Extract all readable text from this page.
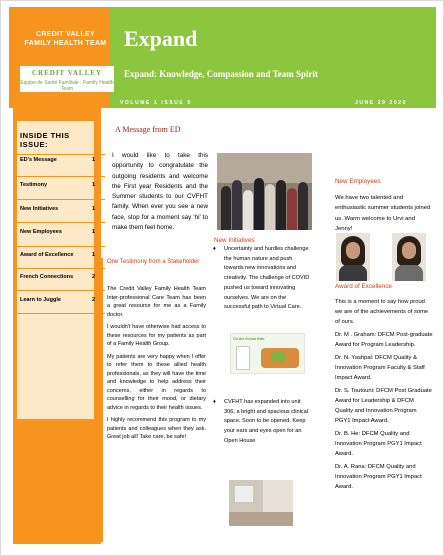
CREDIT VALLEY
FAMILY HEALTH TEAM
CREDIT VALLEY
Équipe de Santé Familiale · Family Health Team
Expand
Expand: Knowledge, Compassion and Team Spirit
VOLUME 1 ISSUE 9	JUNE 29 2020
INSIDE THIS
ISSUE:
ED's Message	1
Testimony	1
New Initiatives	1
New Employees	1
Award of Excellence	1
French Connections	2
Learn to Juggle	2
A Message from ED
I would like to take this opportunity to congratulate the outgoing residents and welcome the First year Residents and the Summer students to our CVFHT family. When ever you see a new face, stop for a moment say 'hi' to make them feel home.
One Testimony from a Stakeholder

The Credit Valley Family Health Team Inter-professional Care Team has been a great resource for me as a Family doctor.

I wouldn't have otherwise had access to these resources for my patients as part of a Family Health Group.

My patients are very happy when I offer to refer them to these allied health professionals, as they will have the time and knowledge to help address their concerns, either in regards to counselling for their mood, or dietary advice in regards to their health issues.

I highly recommend this program to my patients and colleagues when they ask. Great job all! Take care, be safe!

New Initiatives
♦ Uncertainty and hurdles challenge the human nature and push towards new innovations and creativity. The challenge of COVID pushed us toward innovating ourselves. We are on the successful path to Virtual Care.
On the Virtual Path
♦ CVFHT has expanded into unit 306, a bright and spacious clinical space. Soon to be opened. Keep your ears and eyes open for an Open House
New Employees
We have two talented and enthusiastic summer students joined us. Warm welcome to Urvi and Jenny!
Award of Excellence

This is a moment to say how proud we are of the achievements of some of ours.

Dr. M . Graham: DFCM Post-graduate Award for Program Leadership.

Dr. N. Yashpal: DFCM Quality & Innovation Program Faculty & Staff Impact Award.

Dr. S. Toutouni: DFCM Post Graduate Award for Leadership & DFCM Quality and Innovation Program PGY1 Impact Award.

Dr. B. He: DFCM Quality and Innovation Program PGY1 Impact Award.

Dr. A. Rana: DFCM Quality and Innovation Program PGY1 Impact Award.
